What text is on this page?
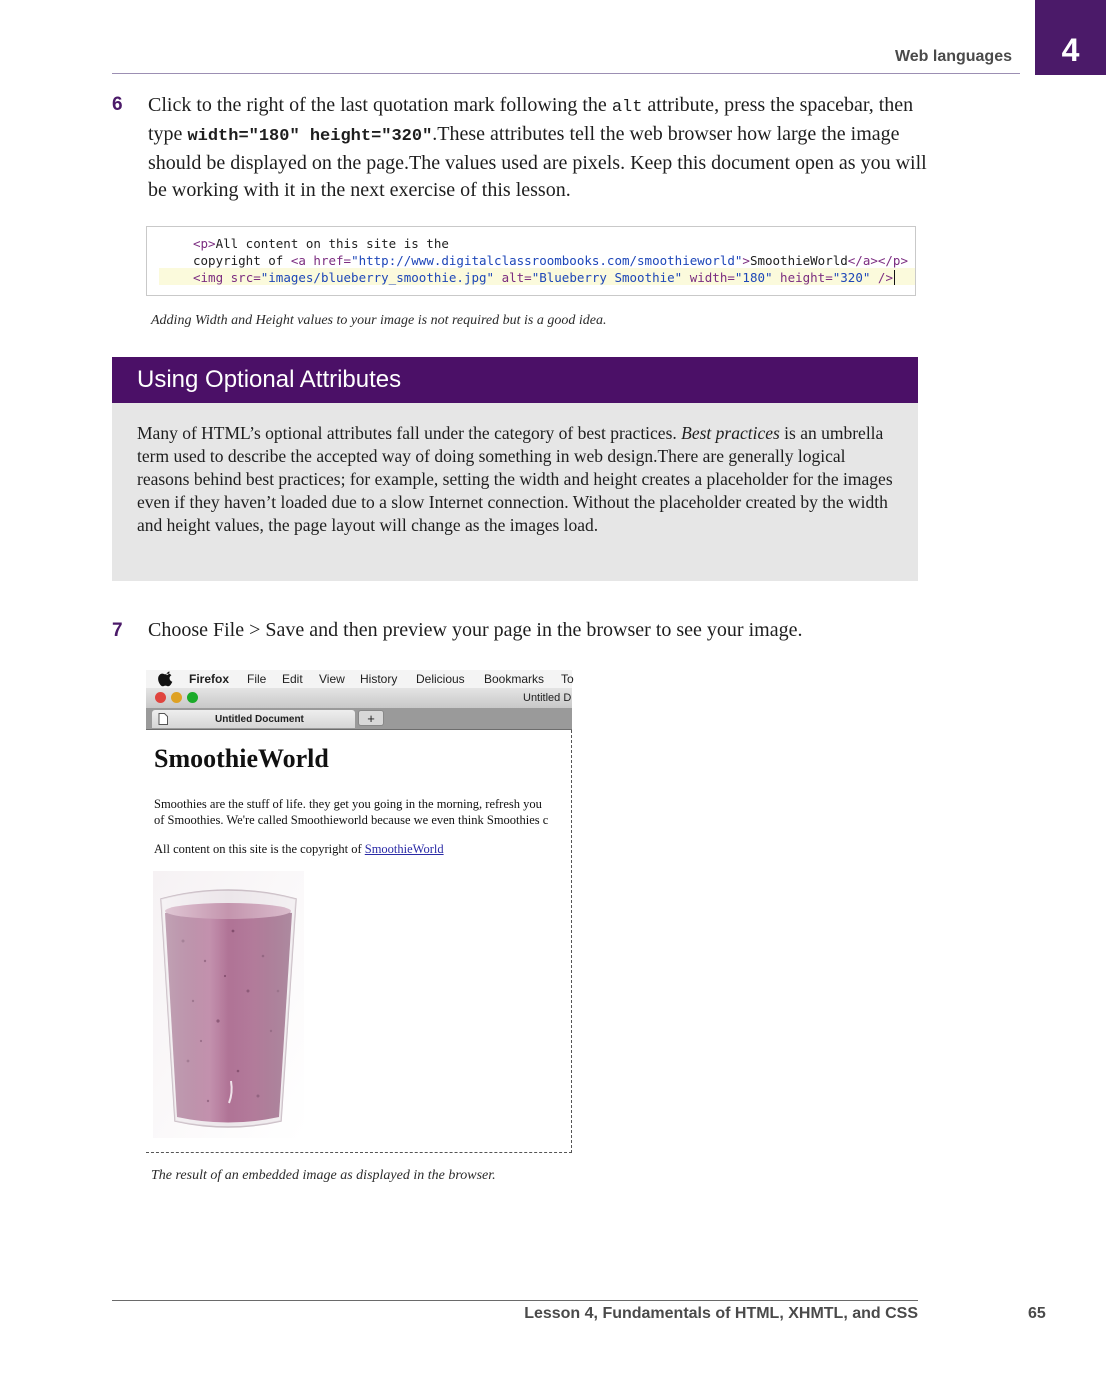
Web languages	4
6 Click to the right of the last quotation mark following the alt attribute, press the spacebar, then type width="180" height="320".These attributes tell the web browser how large the image should be displayed on the page.The values used are pixels. Keep this document open as you will be working with it in the next exercise of this lesson.
<p>All content on this site is the
copyright of <a href="http://www.digitalclassroombooks.com/smoothieworld">SmoothieWorld</a></p>
<img src="images/blueberry_smoothie.jpg" alt="Blueberry Smoothie" width="180" height="320" />
Adding Width and Height values to your image is not required but is a good idea.
Using Optional Attributes

Many of HTML’s optional attributes fall under the category of best practices. Best practices is an umbrella term used to describe the accepted way of doing something in web design.There are generally logical reasons behind best practices; for example, setting the width and height creates a placeholder for the images even if they haven’t loaded due to a slow Internet connection. Without the placeholder created by the width and height values, the page layout will change as the images load.

7 Choose File > Save and then preview your page in the browser to see your image.
Firefox File Edit View History Delicious Bookmarks To
Untitled D
Untitled Document	+
SmoothieWorld
Smoothies are the stuff of life. they get you going in the morning, refresh you
of Smoothies. We're called Smoothieworld because we even think Smoothies c
All content on this site is the copyright of SmoothieWorld
The result of an embedded image as displayed in the browser.
Lesson 4, Fundamentals of HTML, XHMTL, and CSS	65
